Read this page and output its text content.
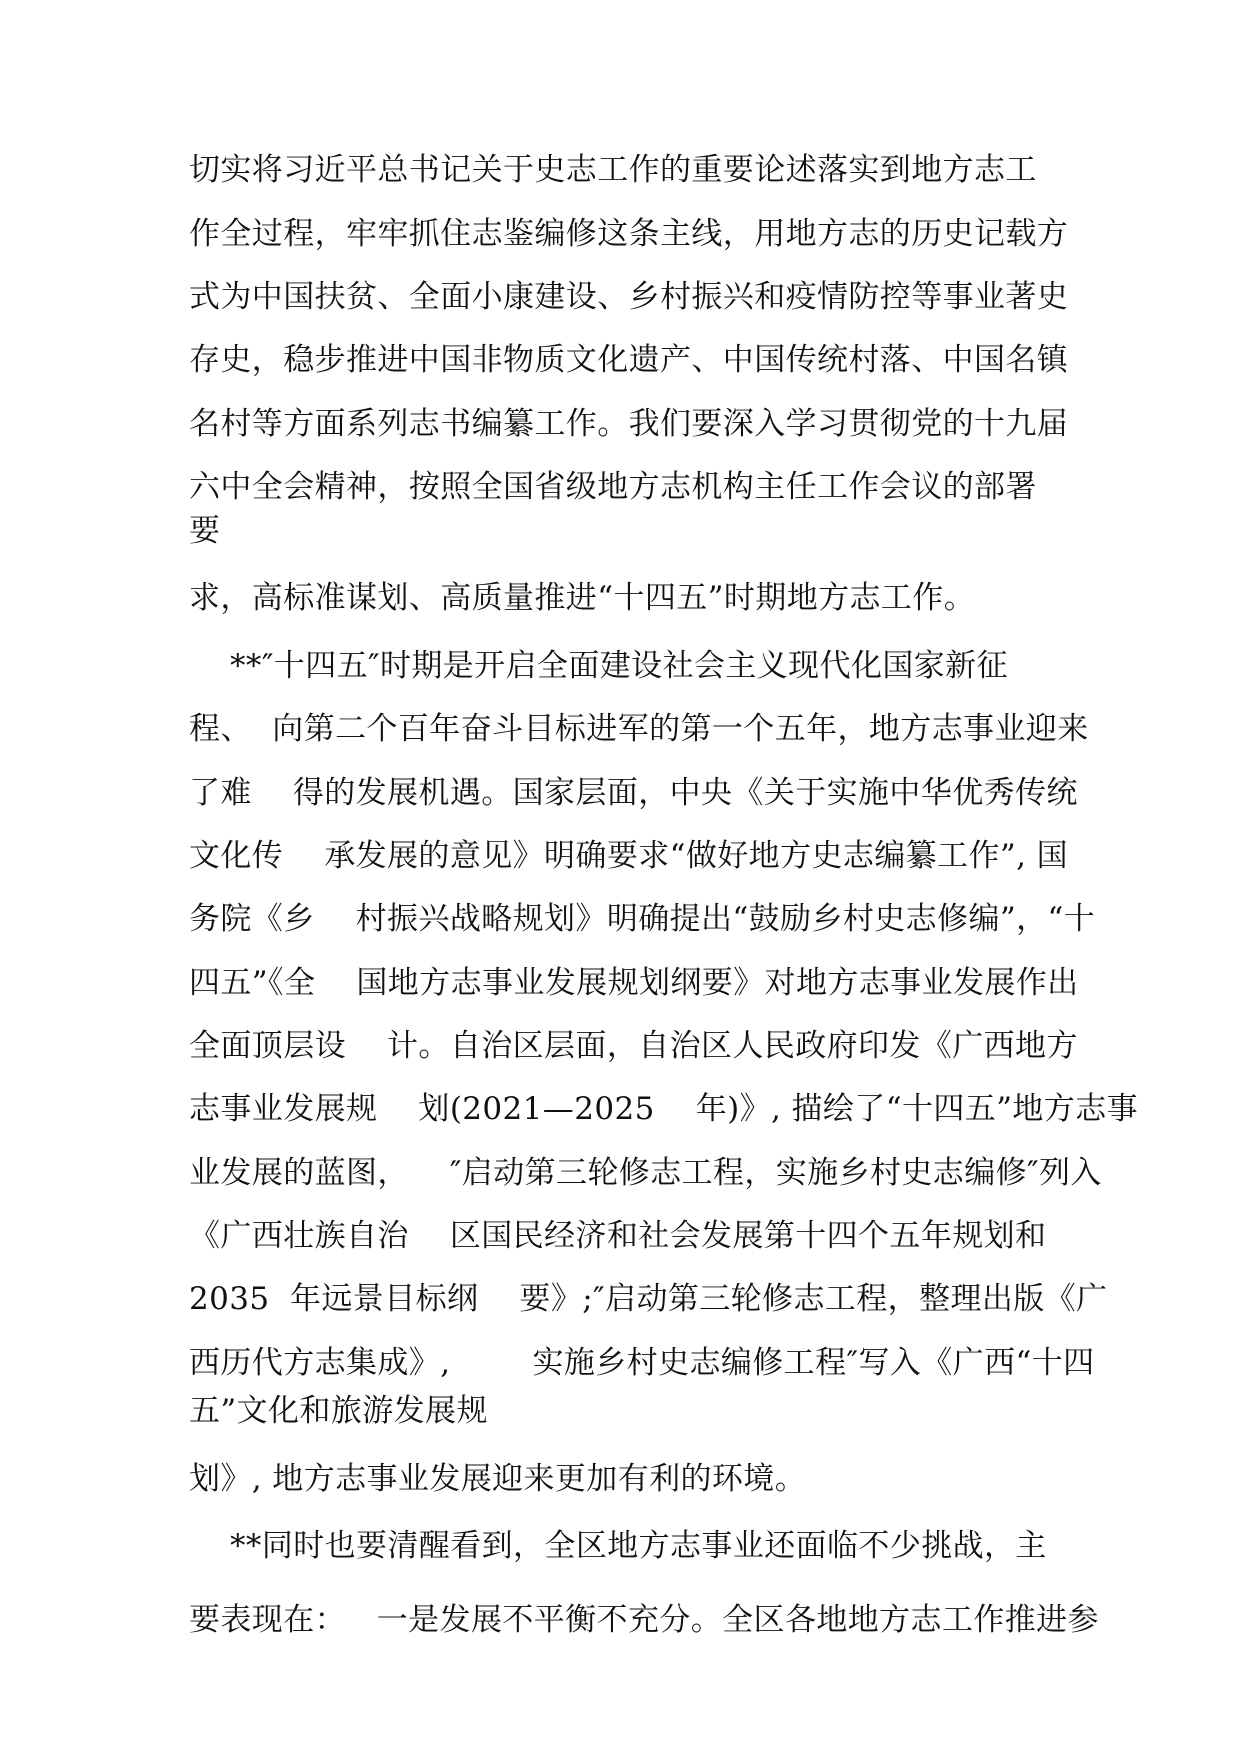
切实将习近平总书记关于史志工作的重要论述落实到地方志工
作全过程，牢牢抓住志鉴编修这条主线，用地方志的历史记载方
式为中国扶贫、全面小康建设、乡村振兴和疫情防控等事业著史
存史，稳步推进中国非物质文化遗产、中国传统村落、中国名镇
名村等方面系列志书编纂工作。我们要深入学习贯彻党的十九届
六中全会精神，按照全国省级地方志机构主任工作会议的部署
要
求，高标准谋划、高质量推进“十四五”时期地方志工作。
**″十四五″时期是开启全面建设社会主义现代化国家新征
程、  向第二个百年奋斗目标进军的第一个五年，地方志事业迎来
了难    得的发展机遇。国家层面，中央《关于实施中华优秀传统
文化传    承发展的意见》明确要求“做好地方史志编纂工作”, 国
务院《乡    村振兴战略规划》明确提出“鼓励乡村史志修编”，“十
四五”《全    国地方志事业发展规划纲要》对地方志事业发展作出
全面顶层设    计。自治区层面，自治区人民政府印发《广西地方
志事业发展规    划(2021—2025    年)》, 描绘了“十四五”地方志事
业发展的蓝图，    ″启动第三轮修志工程，实施乡村史志编修″列入
《广西壮族自治    区国民经济和社会发展第十四个五年规划和
2035  年远景目标纲    要》;″启动第三轮修志工程，整理出版《广
西历代方志集成》,        实施乡村史志编修工程″写入《广西“十四
五”文化和旅游发展规
划》, 地方志事业发展迎来更加有利的环境。
**同时也要清醒看到，全区地方志事业还面临不少挑战，主
要表现在：   一是发展不平衡不充分。全区各地地方志工作推进参
